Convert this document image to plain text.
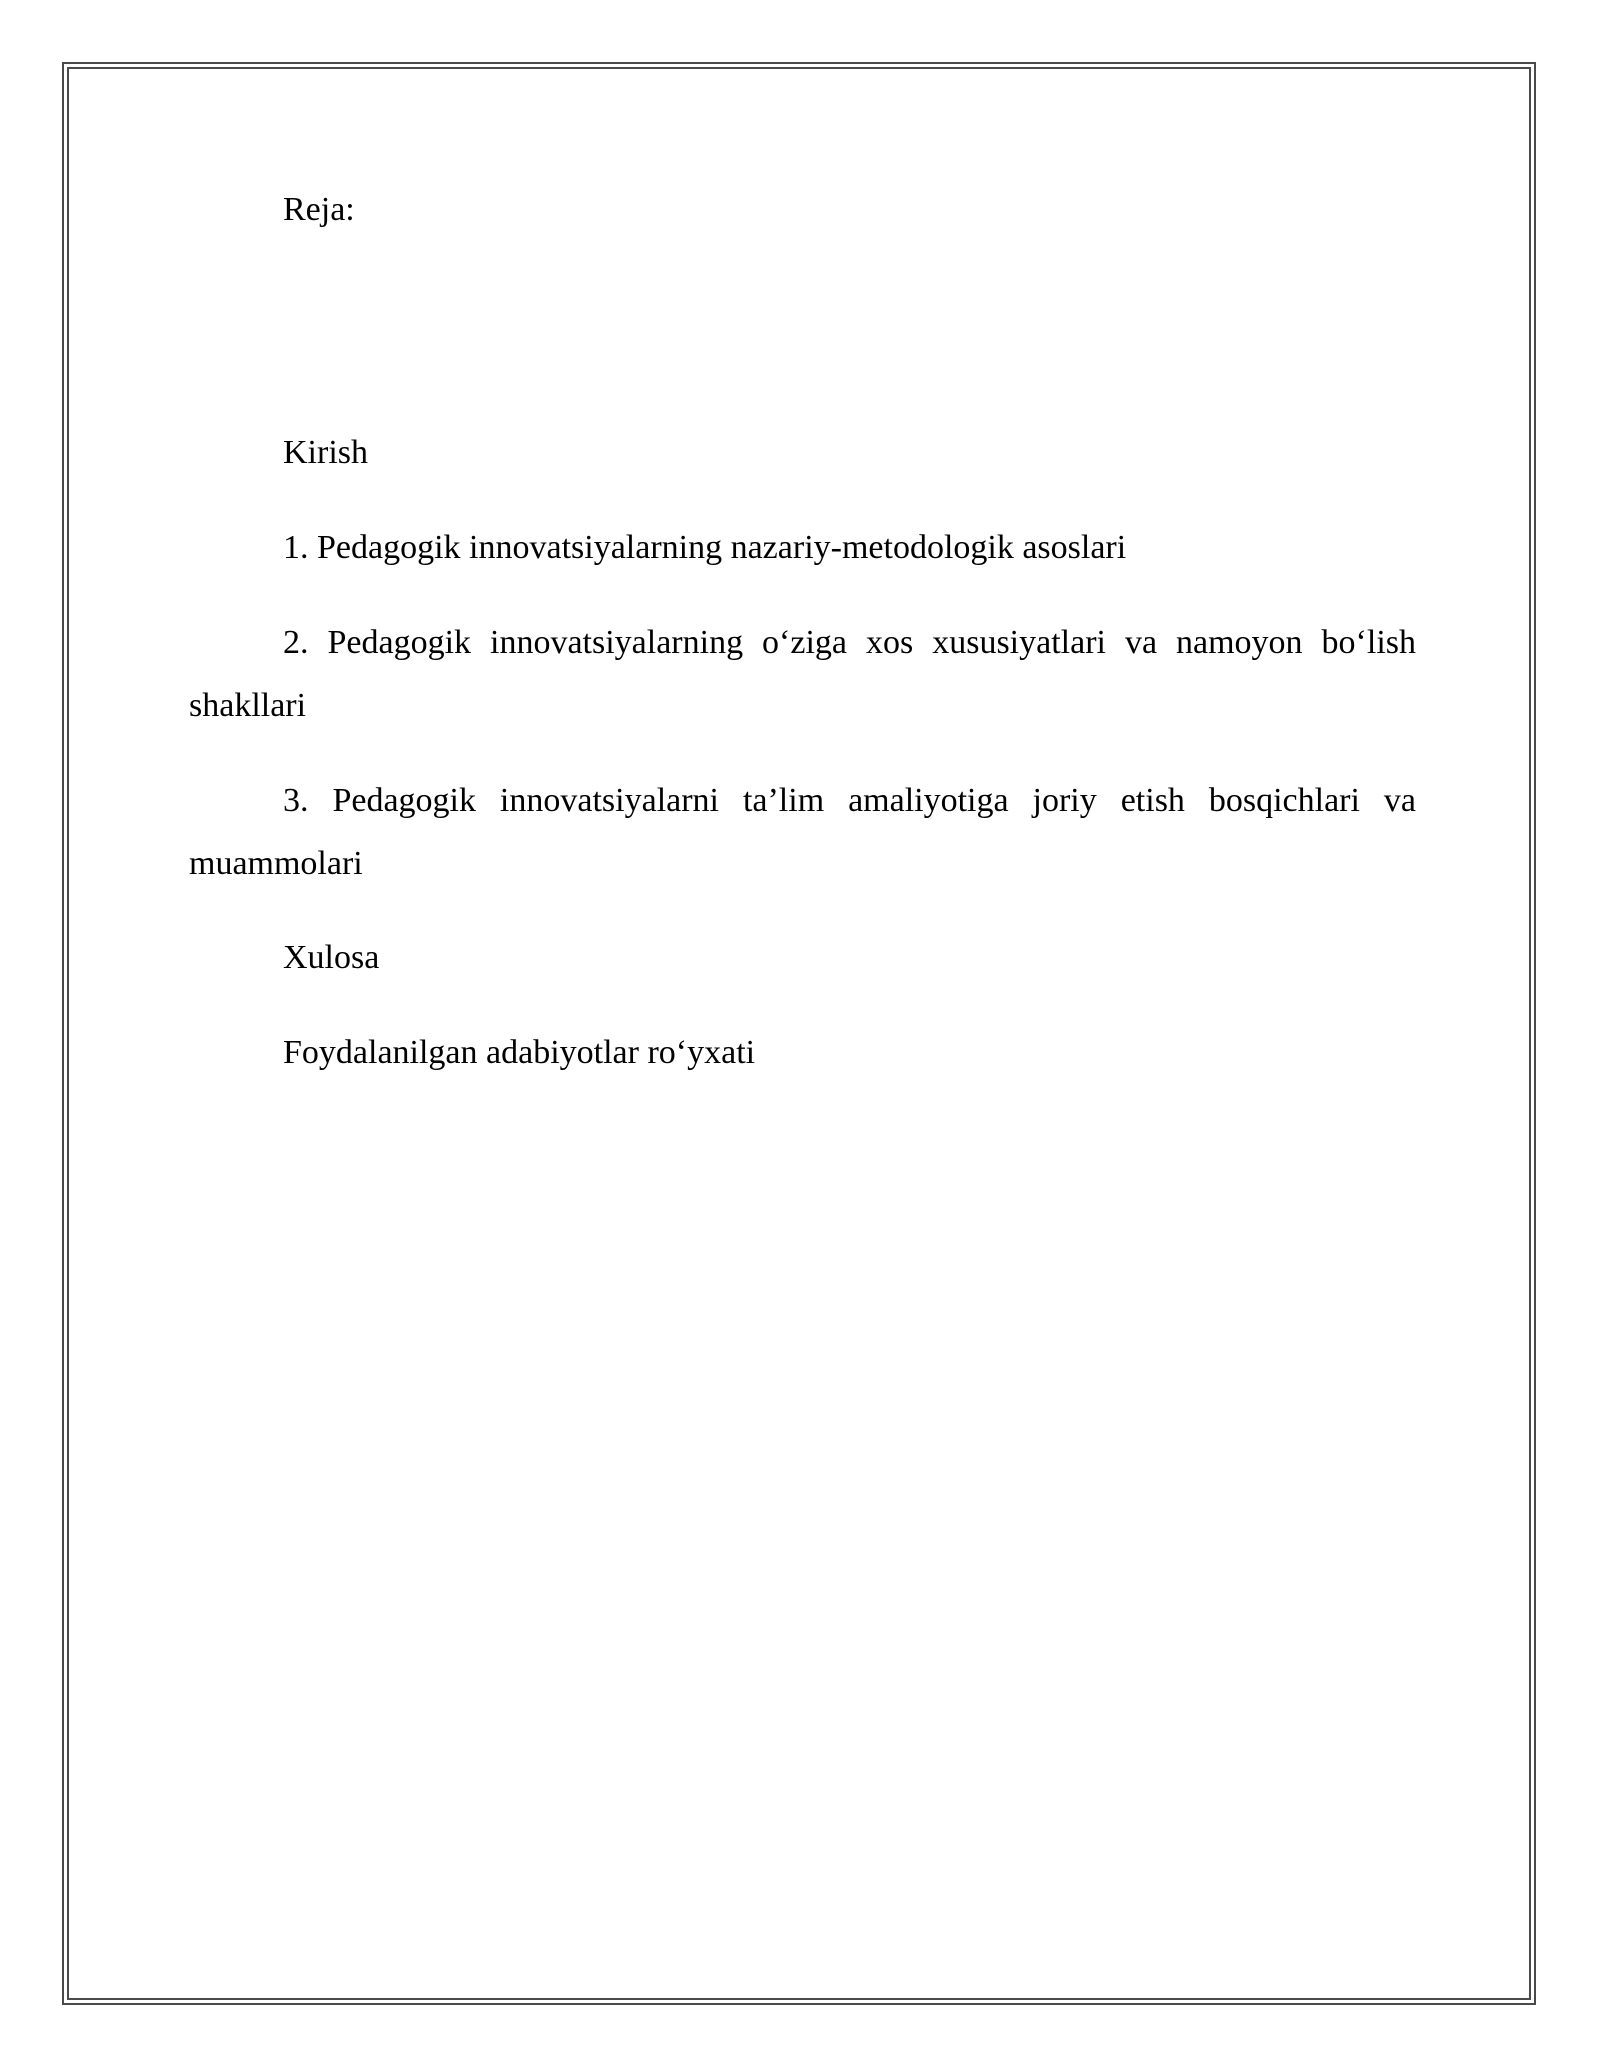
Reja:
Kirish
1. Pedagogik innovatsiyalarning nazariy-metodologik asoslari
2. Pedagogik innovatsiyalarning o‘ziga xos xususiyatlari va namoyon bo‘lish
shakllari
3. Pedagogik innovatsiyalarni ta’lim amaliyotiga joriy etish bosqichlari va
muammolari
Xulosa
Foydalanilgan adabiyotlar ro‘yxati
